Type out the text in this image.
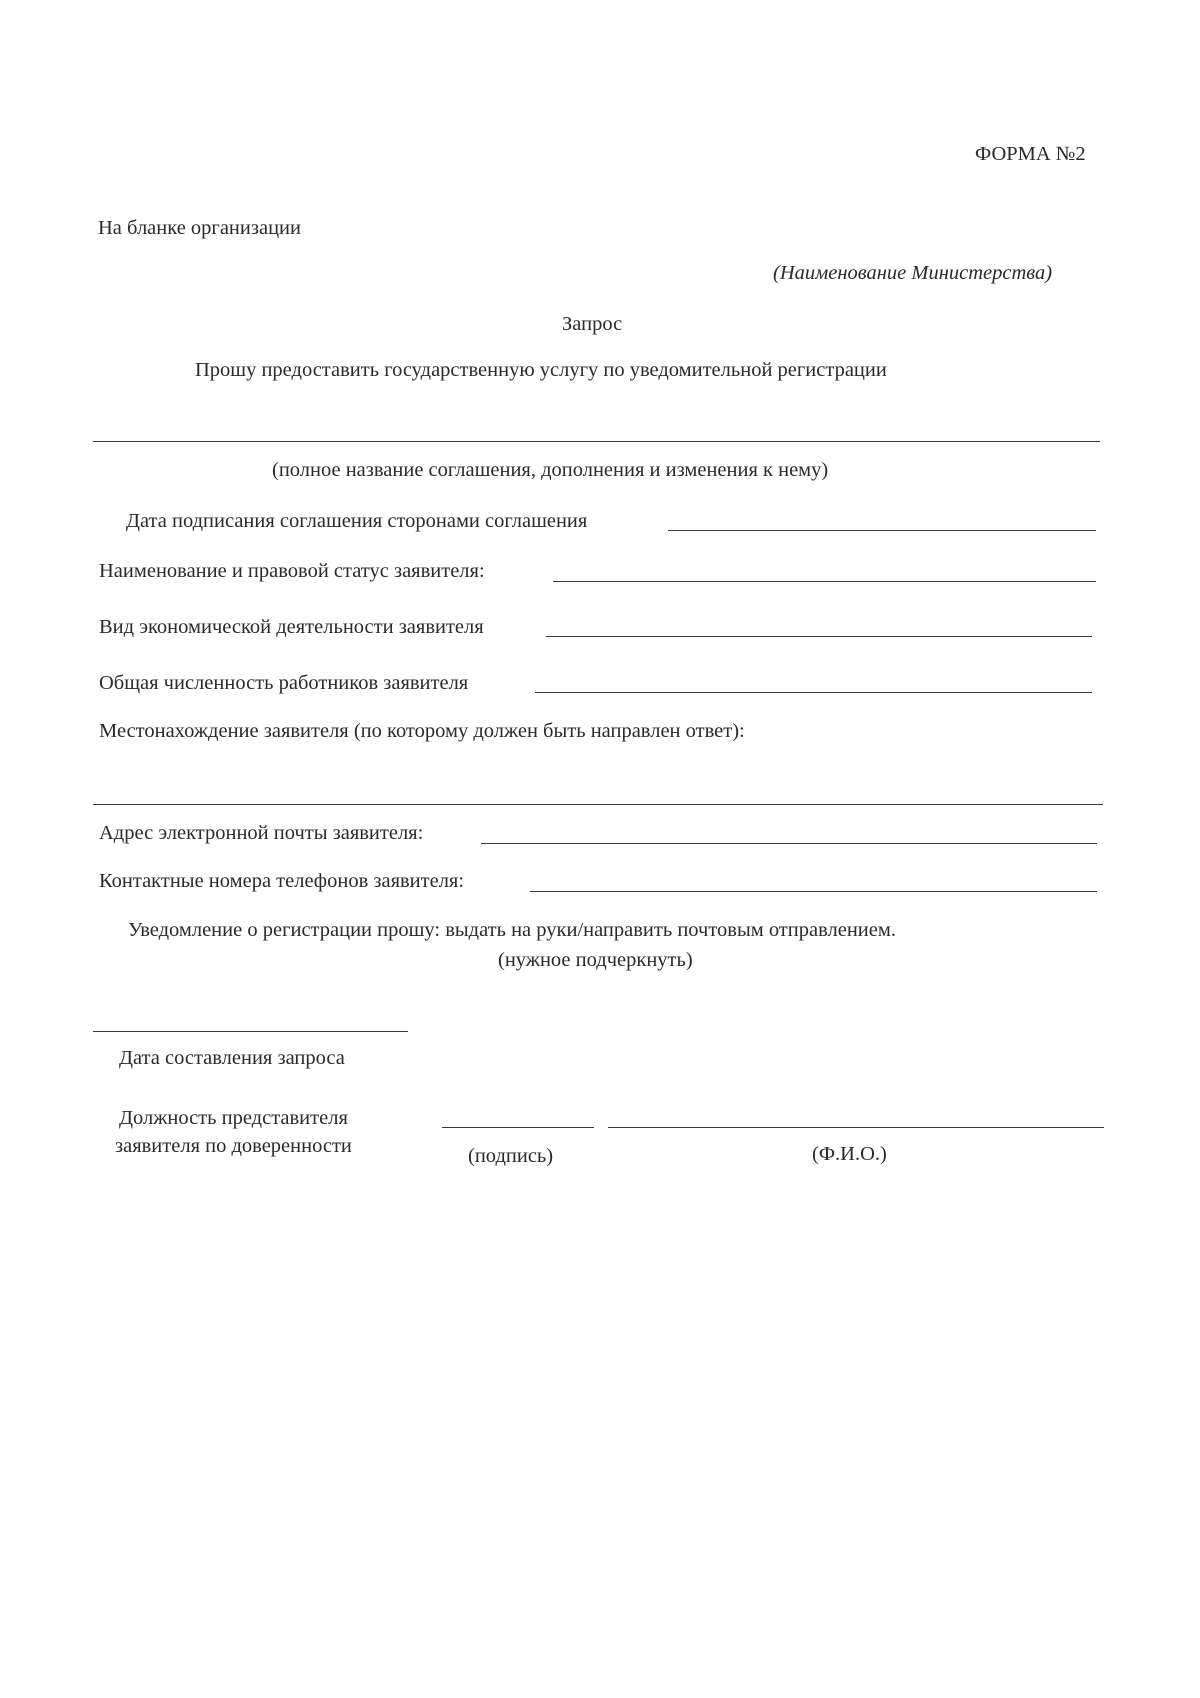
ФОРМА №2
На бланке организации
(Наименование Министерства)
Запрос
Прошу предоставить государственную услугу по уведомительной регистрации
(полное название соглашения, дополнения и изменения к нему)
Дата подписания соглашения сторонами соглашения
Наименование и правовой статус заявителя:
Вид экономической деятельности заявителя
Общая численность работников заявителя
Местонахождение заявителя (по которому должен быть направлен ответ):
Адрес электронной почты заявителя:
Контактные номера телефонов заявителя:
Уведомление о регистрации прошу: выдать на руки/направить почтовым отправлением.
(нужное подчеркнуть)
Дата составления запроса
Должность представителя
заявителя по доверенности	(подпись)	(Ф.И.О.)
